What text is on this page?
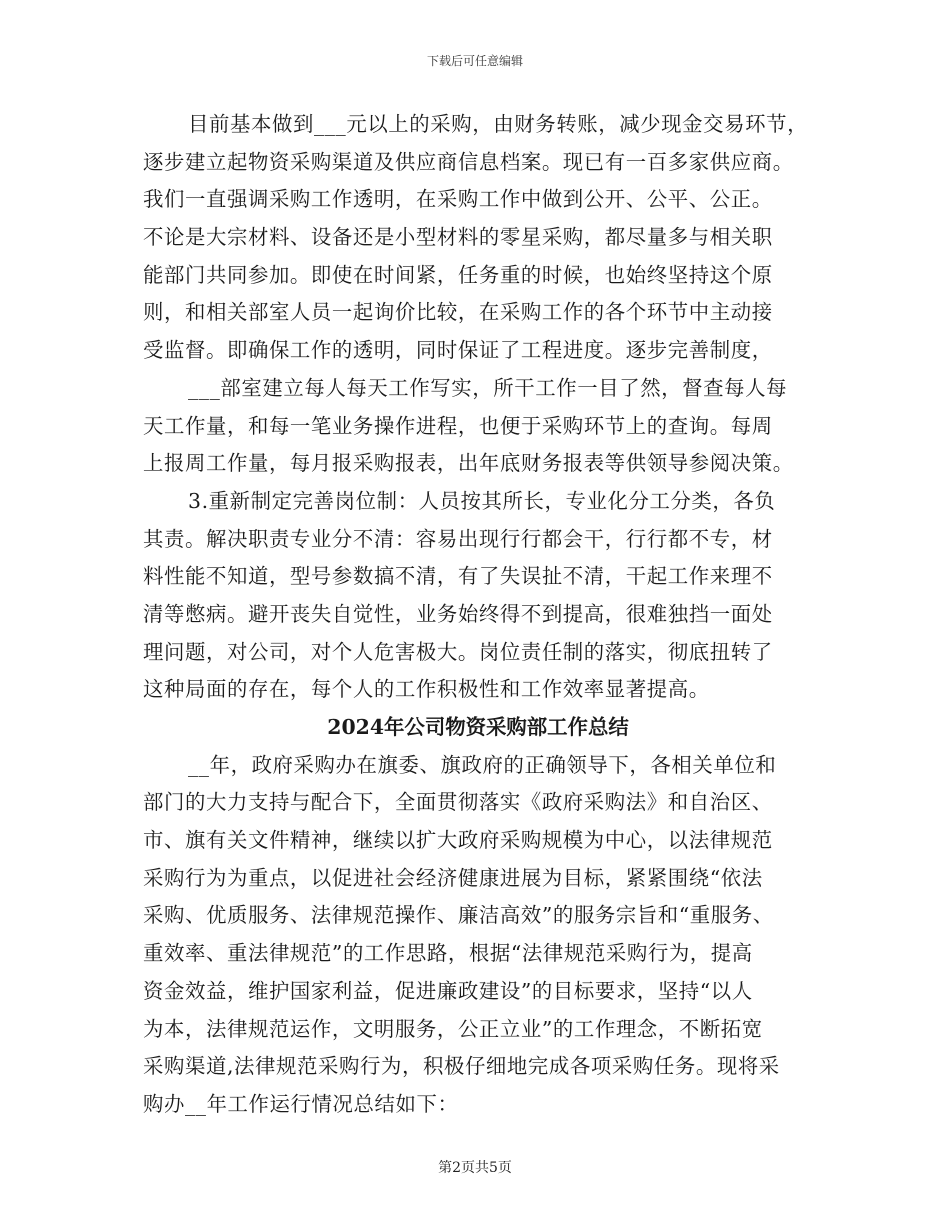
下载后可任意编辑
目前基本做到___元以上的采购，由财务转账，减少现金交易环节，
逐步建立起物资采购渠道及供应商信息档案。现已有一百多家供应商。
我们一直强调采购工作透明，在采购工作中做到公开、公平、公正。
不论是大宗材料、设备还是小型材料的零星采购，都尽量多与相关职
能部门共同参加。即使在时间紧，任务重的时候，也始终坚持这个原
则，和相关部室人员一起询价比较，在采购工作的各个环节中主动接
受监督。即确保工作的透明，同时保证了工程进度。逐步完善制度，
___部室建立每人每天工作写实，所干工作一目了然，督查每人每
天工作量，和每一笔业务操作进程，也便于采购环节上的查询。每周
上报周工作量，每月报采购报表，出年底财务报表等供领导参阅决策。
3.重新制定完善岗位制：人员按其所长，专业化分工分类，各负
其责。解决职责专业分不清：容易出现行行都会干，行行都不专，材
料性能不知道，型号参数搞不清，有了失误扯不清，干起工作来理不
清等憋病。避开丧失自觉性，业务始终得不到提高，很难独挡一面处
理问题，对公司，对个人危害极大。岗位责任制的落实，彻底扭转了
这种局面的存在，每个人的工作积极性和工作效率显著提高。
2024年公司物资采购部工作总结
__年，政府采购办在旗委、旗政府的正确领导下，各相关单位和
部门的大力支持与配合下，全面贯彻落实《政府采购法》和自治区、
市、旗有关文件精神，继续以扩大政府采购规模为中心，以法律规范
采购行为为重点，以促进社会经济健康进展为目标，紧紧围绕“依法
采购、优质服务、法律规范操作、廉洁高效”的服务宗旨和“重服务、
重效率、重法律规范”的工作思路，根据“法律规范采购行为，提高
资金效益，维护国家利益，促进廉政建设”的目标要求，坚持“以人
为本，法律规范运作，文明服务，公正立业”的工作理念，不断拓宽
采购渠道,法律规范采购行为，积极仔细地完成各项采购任务。现将采
购办__年工作运行情况总结如下：
第2页共5页
